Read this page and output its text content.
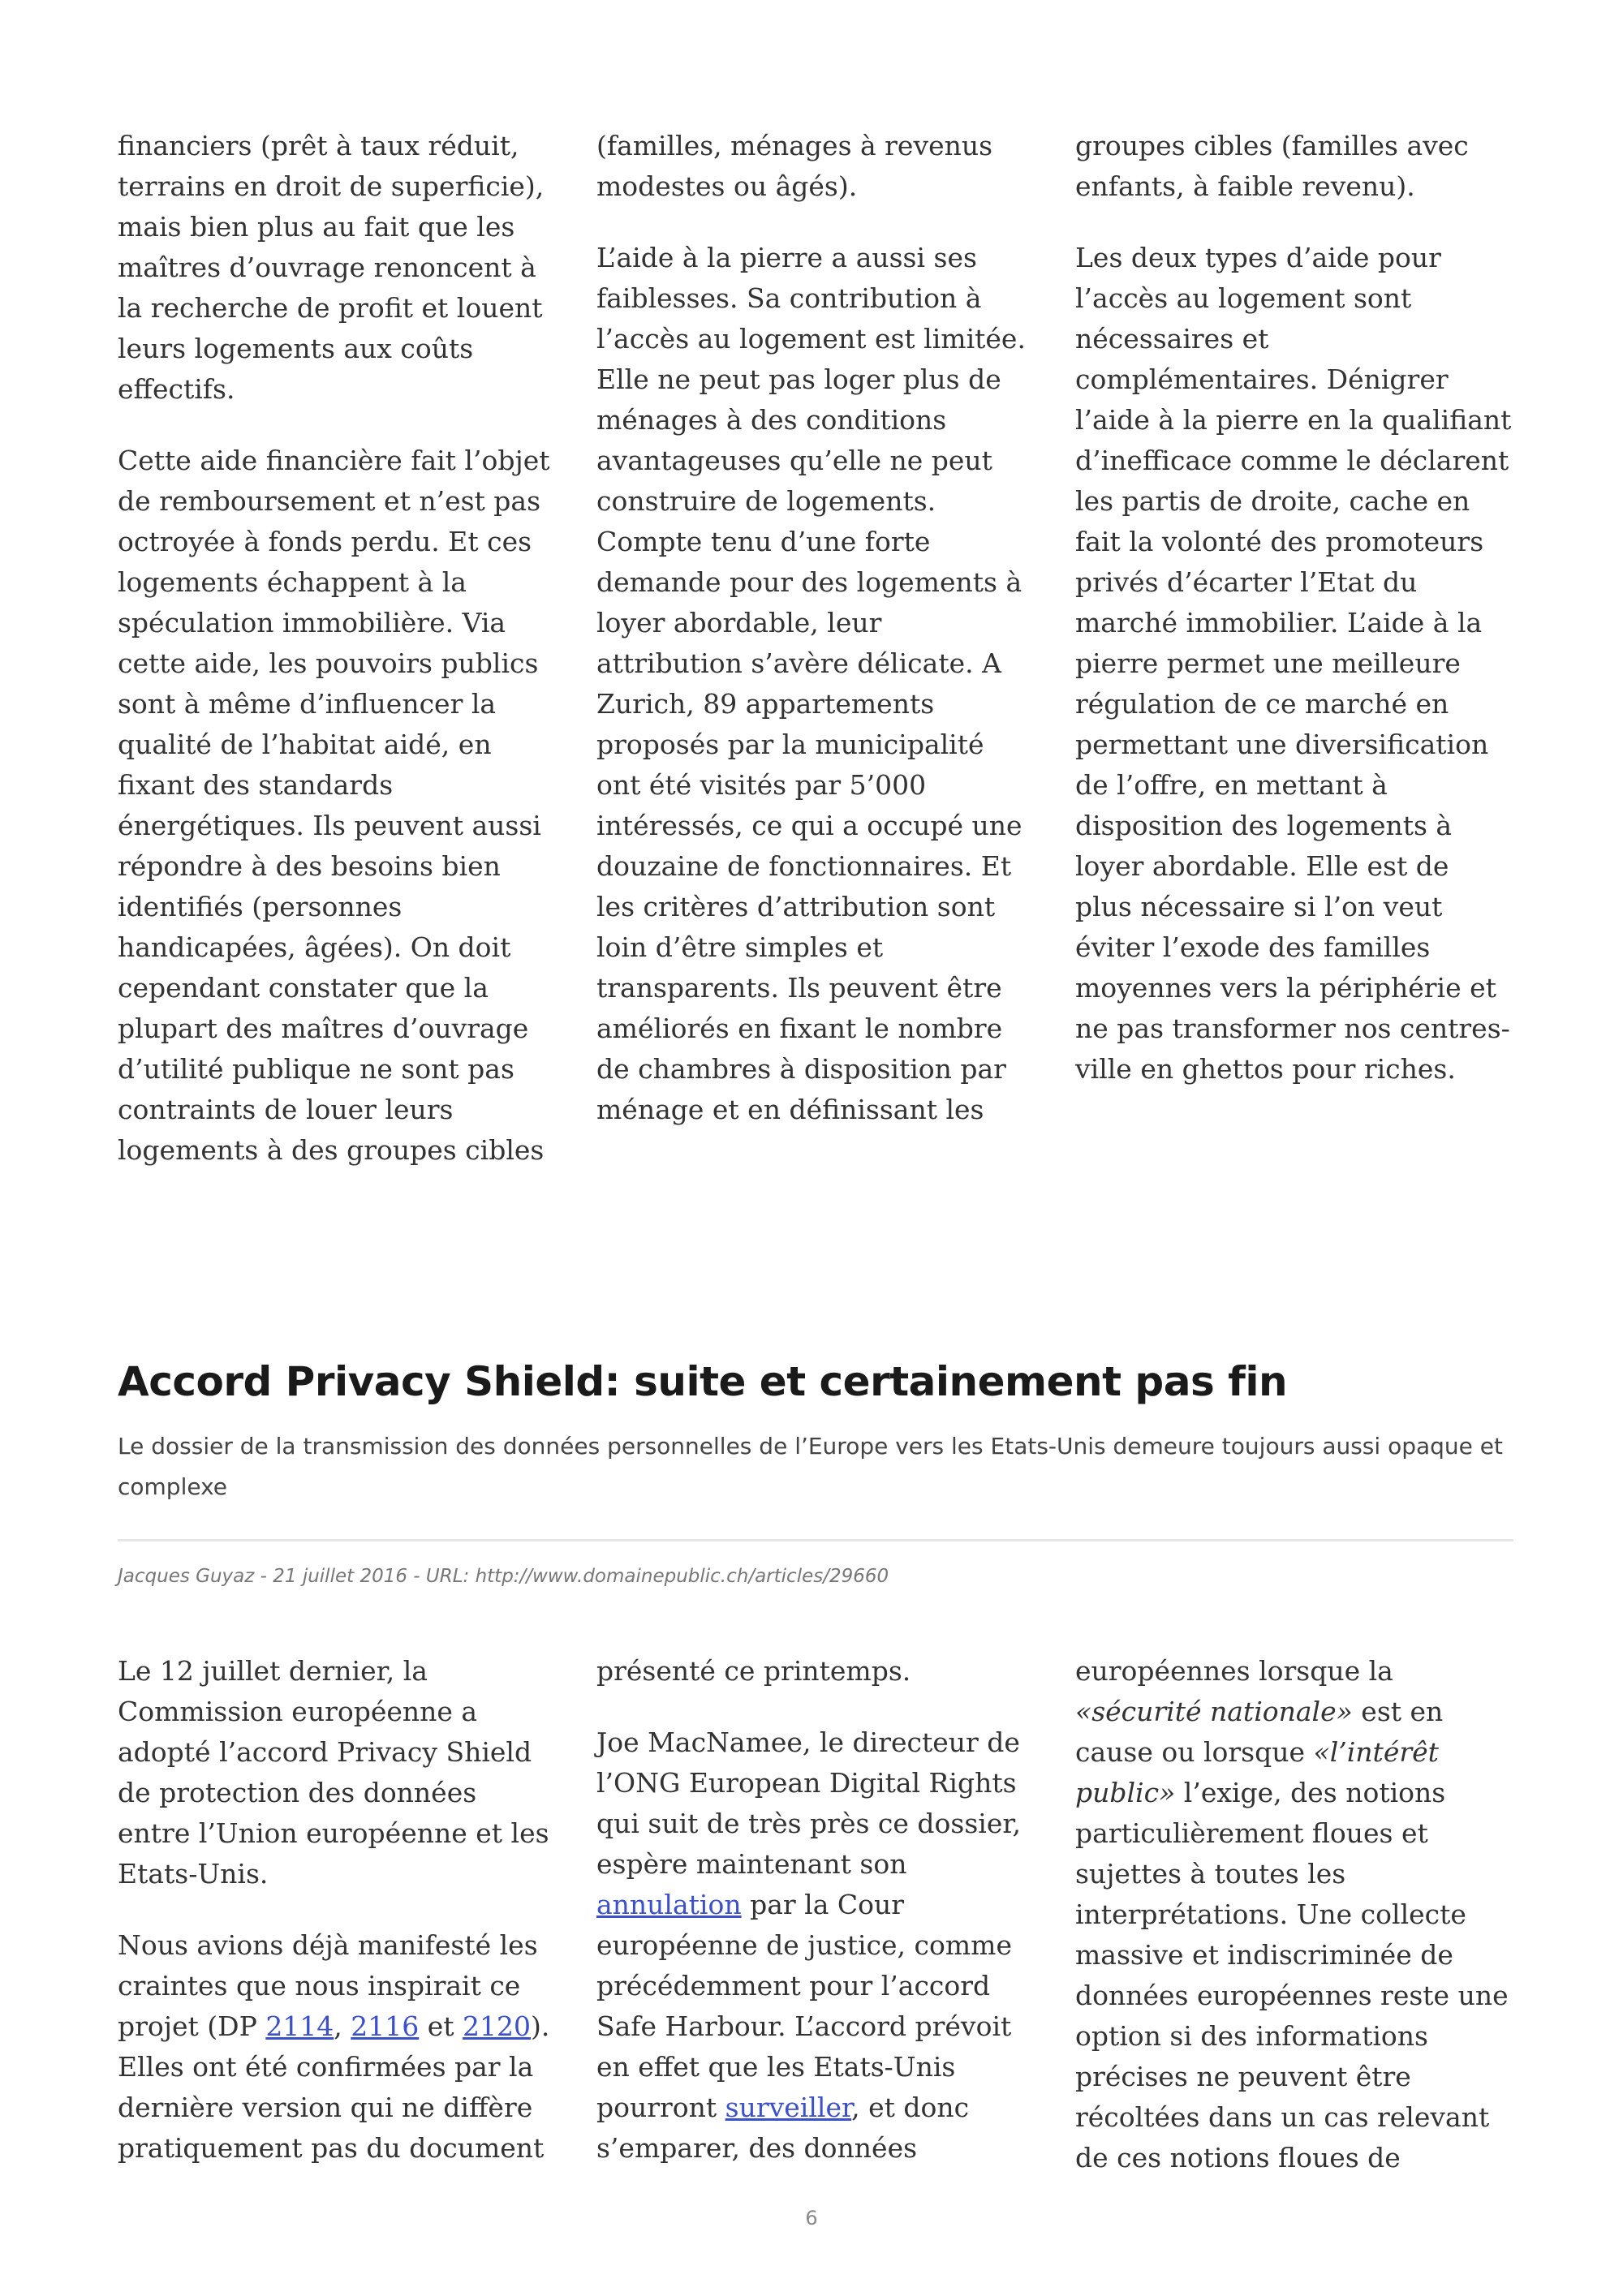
financiers (prêt à taux réduit, terrains en droit de superficie), mais bien plus au fait que les maîtres d’ouvrage renoncent à la recherche de profit et louent leurs logements aux coûts effectifs.

Cette aide financière fait l’objet de remboursement et n’est pas octroyée à fonds perdu. Et ces logements échappent à la spéculation immobilière. Via cette aide, les pouvoirs publics sont à même d’influencer la qualité de l’habitat aidé, en fixant des standards énergétiques. Ils peuvent aussi répondre à des besoins bien identifiés (personnes handicapées, âgées). On doit cependant constater que la plupart des maîtres d’ouvrage d’utilité publique ne sont pas contraints de louer leurs logements à des groupes cibles

(familles, ménages à revenus modestes ou âgés).

L’aide à la pierre a aussi ses faiblesses. Sa contribution à l’accès au logement est limitée. Elle ne peut pas loger plus de ménages à des conditions avantageuses qu’elle ne peut construire de logements. Compte tenu d’une forte demande pour des logements à loyer abordable, leur attribution s’avère délicate. A Zurich, 89 appartements proposés par la municipalité ont été visités par 5’000 intéressés, ce qui a occupé une douzaine de fonctionnaires. Et les critères d’attribution sont loin d’être simples et transparents. Ils peuvent être améliorés en fixant le nombre de chambres à disposition par ménage et en définissant les

groupes cibles (familles avec enfants, à faible revenu).

Les deux types d’aide pour l’accès au logement sont nécessaires et complémentaires. Dénigrer l’aide à la pierre en la qualifiant d’inefficace comme le déclarent les partis de droite, cache en fait la volonté des promoteurs privés d’écarter l’Etat du marché immobilier. L’aide à la pierre permet une meilleure régulation de ce marché en permettant une diversification de l’offre, en mettant à disposition des logements à loyer abordable. Elle est de plus nécessaire si l’on veut éviter l’exode des familles moyennes vers la périphérie et ne pas transformer nos centres-ville en ghettos pour riches.

Accord Privacy Shield: suite et certainement pas fin

Le dossier de la transmission des données personnelles de l’Europe vers les Etats-Unis demeure toujours aussi opaque et complexe

Jacques Guyaz - 21 juillet 2016 - URL: http://www.domainepublic.ch/articles/29660

Le 12 juillet dernier, la Commission européenne a adopté l’accord Privacy Shield de protection des données entre l’Union européenne et les Etats-Unis.

Nous avions déjà manifesté les craintes que nous inspirait ce projet (DP 2114, 2116 et 2120). Elles ont été confirmées par la dernière version qui ne diffère pratiquement pas du document

présenté ce printemps.

Joe MacNamee, le directeur de l’ONG European Digital Rights qui suit de très près ce dossier, espère maintenant son annulation par la Cour européenne de justice, comme précédemment pour l’accord Safe Harbour. L’accord prévoit en effet que les Etats-Unis pourront surveiller, et donc s’emparer, des données

européennes lorsque la «sécurité nationale» est en cause ou lorsque «l’intérêt public» l’exige, des notions particulièrement floues et sujettes à toutes les interprétations. Une collecte massive et indiscriminée de données européennes reste une option si des informations précises ne peuvent être récoltées dans un cas relevant de ces notions floues de

6
